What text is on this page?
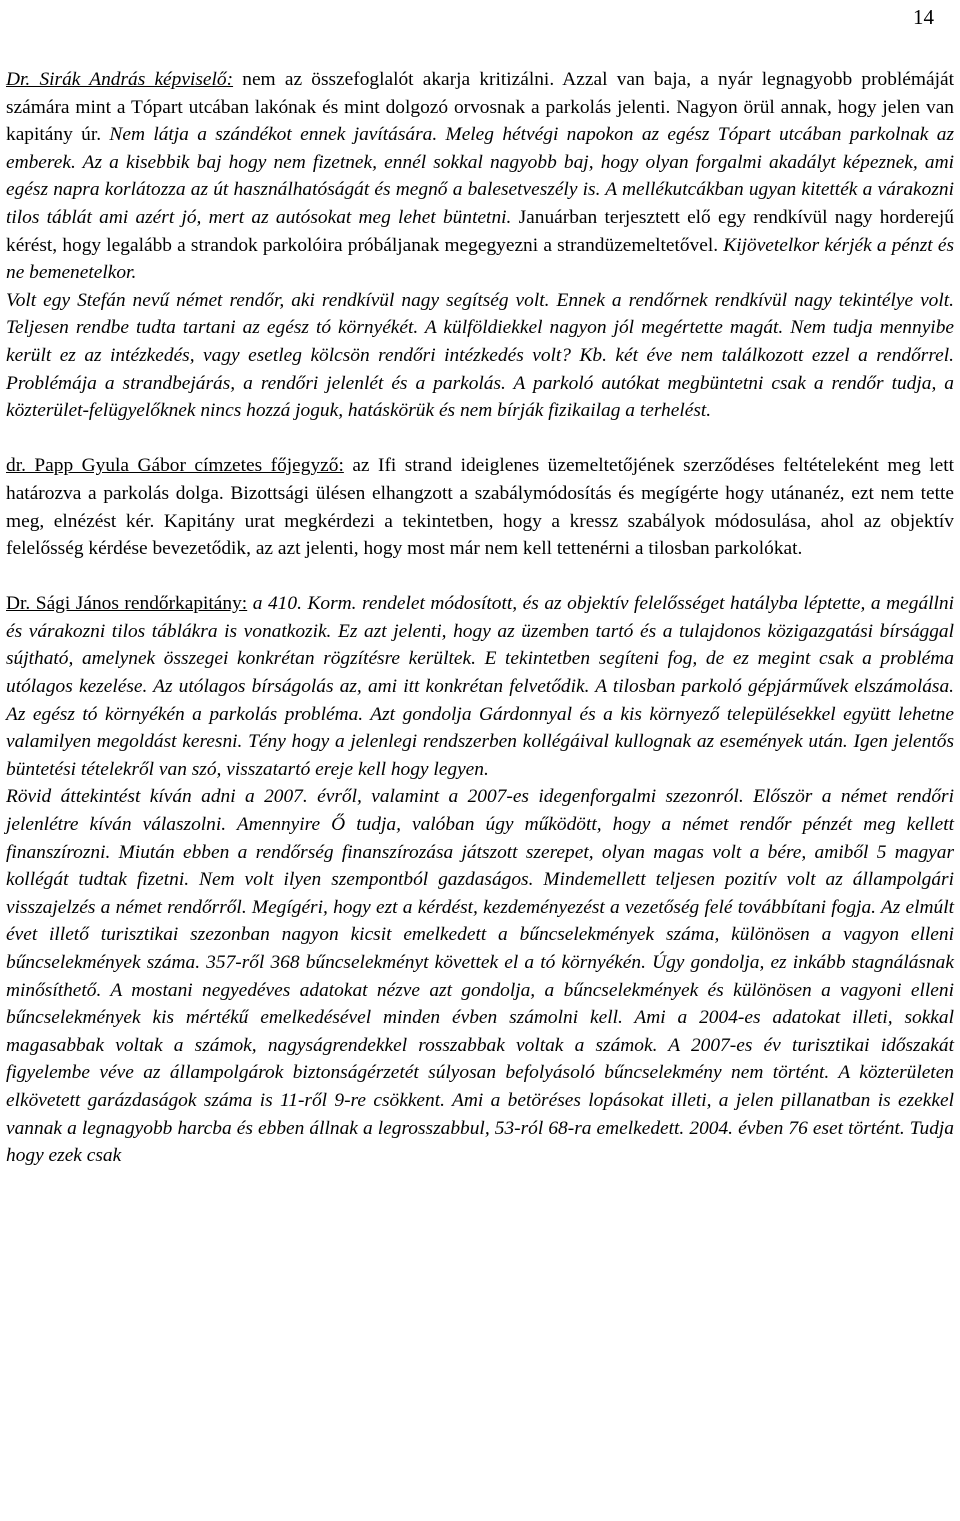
14

Dr. Sirák András képviselő: nem az összefoglalót akarja kritizálni. Azzal van baja, a nyár legnagyobb problémáját számára mint a Tópart utcában lakónak és mint dolgozó orvosnak a parkolás jelenti. Nagyon örül annak, hogy jelen van kapitány úr. Nem látja a szándékot ennek javítására. Meleg hétvégi napokon az egész Tópart utcában parkolnak az emberek. Az a kisebbik baj hogy nem fizetnek, ennél sokkal nagyobb baj, hogy olyan forgalmi akadályt képeznek, ami egész napra korlátozza az út használhatóságát és megnő a balesetveszély is. A mellékutcákban ugyan kitették a várakozni tilos táblát ami azért jó, mert az autósokat meg lehet büntetni. Januárban terjesztett elő egy rendkívül nagy horderejű kérést, hogy legalább a strandok parkolóira próbáljanak megegyezni a strandüzemeltetővel. Kijövetelkor kérjék a pénzt és ne bemenetelkor.

Volt egy Stefán nevű német rendőr, aki rendkívül nagy segítség volt. Ennek a rendőrnek rendkívül nagy tekintélye volt. Teljesen rendbe tudta tartani az egész tó környékét. A külföldiekkel nagyon jól megértette magát. Nem tudja mennyibe került ez az intézkedés, vagy esetleg kölcsön rendőri intézkedés volt? Kb. két éve nem találkozott ezzel a rendőrrel. Problémája a strandbejárás, a rendőri jelenlét és a parkolás. A parkoló autókat megbüntetni csak a rendőr tudja, a közterület-felügyelőknek nincs hozzá joguk, hatáskörük és nem bírják fizikailag a terhelést.

dr. Papp Gyula Gábor címzetes főjegyző: az Ifi strand ideiglenes üzemeltetőjének szerződéses feltételeként meg lett határozva a parkolás dolga. Bizottsági ülésen elhangzott a szabálymódosítás és megígérte hogy utánanéz, ezt nem tette meg, elnézést kér. Kapitány urat megkérdezi a tekintetben, hogy a kressz szabályok módosulása, ahol az objektív felelősség kérdése bevezetődik, az azt jelenti, hogy most már nem kell tettenérni a tilosban parkolókat.

Dr. Sági János rendőrkapitány: a 410. Korm. rendelet módosított, és az objektív felelősséget hatályba léptette, a megállni és várakozni tilos táblákra is vonatkozik. Ez azt jelenti, hogy az üzemben tartó és a tulajdonos közigazgatási bírsággal sújtható, amelynek összegei konkrétan rögzítésre kerültek. E tekintetben segíteni fog, de ez megint csak a probléma utólagos kezelése. Az utólagos bírságolás az, ami itt konkrétan felvetődik. A tilosban parkoló gépjárművek elszámolása. Az egész tó környékén a parkolás probléma. Azt gondolja Gárdonnyal és a kis környező településekkel együtt lehetne valamilyen megoldást keresni. Tény hogy a jelenlegi rendszerben kollégáival kullognak az események után. Igen jelentős büntetési tételekről van szó, visszatartó ereje kell hogy legyen.

Rövid áttekintést kíván adni a 2007. évről, valamint a 2007-es idegenforgalmi szezonról. Először a német rendőri jelenlétre kíván válaszolni. Amennyire Ő tudja, valóban úgy működött, hogy a német rendőr pénzét meg kellett finanszírozni. Miután ebben a rendőrség finanszírozása játszott szerepet, olyan magas volt a bére, amiből 5 magyar kollégát tudtak fizetni. Nem volt ilyen szempontból gazdaságos. Mindemellett teljesen pozitív volt az állampolgári visszajelzés a német rendőrről. Megígéri, hogy ezt a kérdést, kezdeményezést a vezetőség felé továbbítani fogja. Az elmúlt évet illető turisztikai szezonban nagyon kicsit emelkedett a bűncselekmények száma, különösen a vagyon elleni bűncselekmények száma. 357-ről 368 bűncselekményt követtek el a tó környékén. Úgy gondolja, ez inkább stagnálásnak minősíthető. A mostani negyedéves adatokat nézve azt gondolja, a bűncselekmények és különösen a vagyoni elleni bűncselekmények kis mértékű emelkedésével minden évben számolni kell. Ami a 2004-es adatokat illeti, sokkal magasabbak voltak a számok, nagyságrendekkel rosszabbak voltak a számok. A 2007-es év turisztikai időszakát figyelembe véve az állampolgárok biztonságérzetét súlyosan befolyásoló bűncselekmény nem történt. A közterületen elkövetett garázdaságok száma is 11-ről 9-re csökkent. Ami a betöréses lopásokat illeti, a jelen pillanatban is ezekkel vannak a legnagyobb harcba és ebben állnak a legrosszabbul, 53-ról 68-ra emelkedett. 2004. évben 76 eset történt. Tudja hogy ezek csak
